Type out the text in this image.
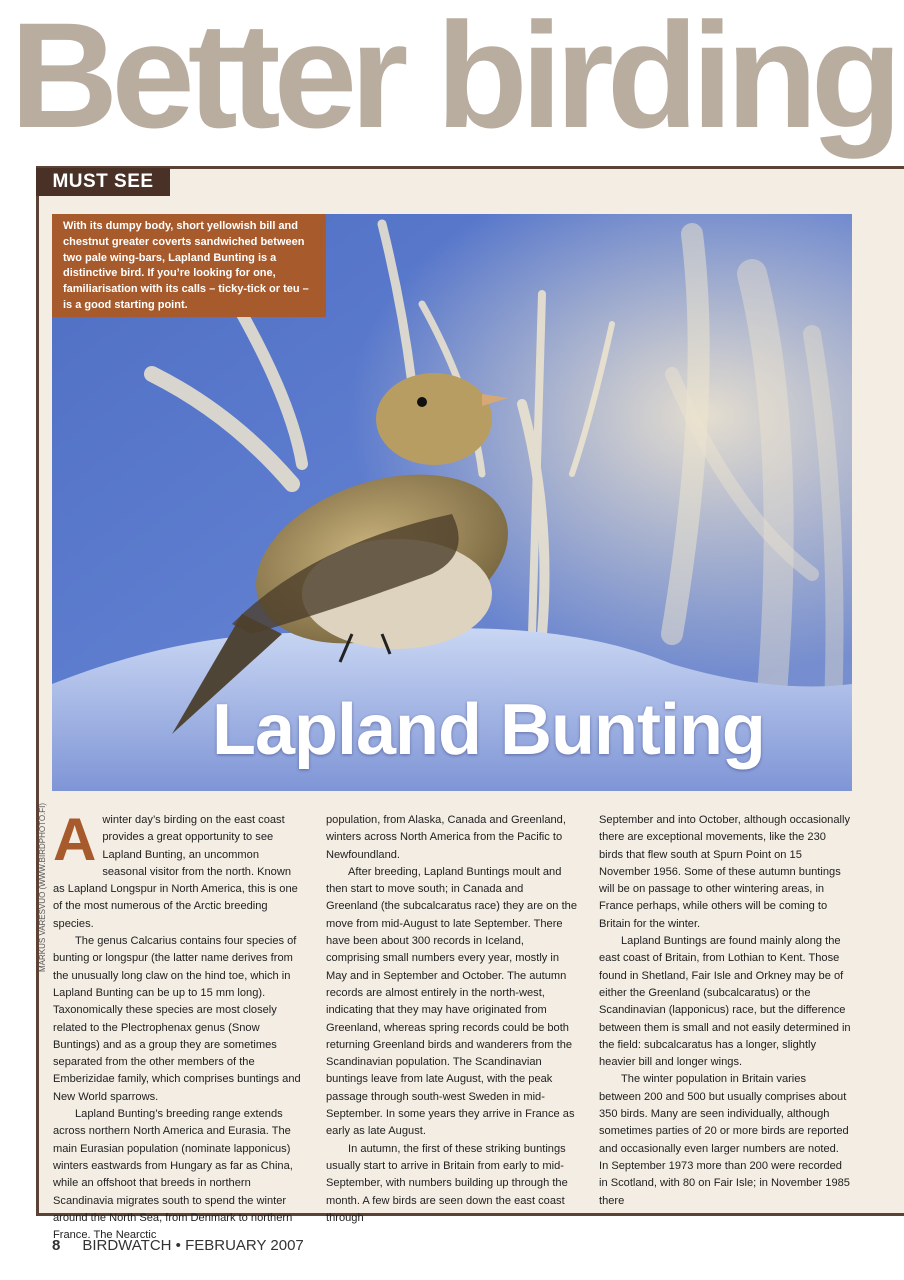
Better birding
MUST SEE
With its dumpy body, short yellowish bill and chestnut greater coverts sandwiched between two pale wing-bars, Lapland Bunting is a distinctive bird. If you’re looking for one, familiarisation with its calls – ticky-tick or teu – is a good starting point.
Lapland Bunting
MARKUS VARESVUO (WWW.BIRDPHOTO.FI) Awinter day’s birding on the east coast provides a great opportunity to see Lapland Bunting, an uncommon seasonal visitor from the north. Known as Lapland Longspur in North America, this is one of the most numerous of the Arctic breeding species.

The genus Calcarius contains four species of bunting or longspur (the latter name derives from the unusually long claw on the hind toe, which in Lapland Bunting can be up to 15 mm long). Taxonomically these species are most closely related to the Plectrophenax genus (Snow Buntings) and as a group they are sometimes separated from the other members of the Emberizidae family, which comprises buntings and New World sparrows.

Lapland Bunting’s breeding range extends across northern North America and Eurasia. The main Eurasian population (nominate lapponicus) winters eastwards from Hungary as far as China, while an offshoot that breeds in northern Scandinavia migrates south to spend the winter around the North Sea, from Denmark to northern France. The Nearctic

population, from Alaska, Canada and Greenland, winters across North America from the Pacific to Newfoundland.

After breeding, Lapland Buntings moult and then start to move south; in Canada and Greenland (the subcalcaratus race) they are on the move from mid-August to late September. There have been about 300 records in Iceland, comprising small numbers every year, mostly in May and in September and October. The autumn records are almost entirely in the north-west, indicating that they may have originated from Greenland, whereas spring records could be both returning Greenland birds and wanderers from the Scandinavian population. The Scandinavian buntings leave from late August, with the peak passage through south-west Sweden in mid-September. In some years they arrive in France as early as late August.

In autumn, the first of these striking buntings usually start to arrive in Britain from early to mid-September, with numbers building up through the month. A few birds are seen down the east coast through

September and into October, although occasionally there are exceptional movements, like the 230 birds that flew south at Spurn Point on 15 November 1956. Some of these autumn buntings will be on passage to other wintering areas, in France perhaps, while others will be coming to Britain for the winter.

Lapland Buntings are found mainly along the east coast of Britain, from Lothian to Kent. Those found in Shetland, Fair Isle and Orkney may be of either the Greenland (subcalcaratus) or the Scandinavian (lapponicus) race, but the difference between them is small and not easily determined in the field: subcalcaratus has a longer, slightly heavier bill and longer wings.

The winter population in Britain varies between 200 and 500 but usually comprises about 350 birds. Many are seen individually, although sometimes parties of 20 or more birds are reported and occasionally even larger numbers are noted. In September 1973 more than 200 were recorded in Scotland, with 80 on Fair Isle; in November 1985 there

8 BIRDWATCH • FEBRUARY 2007
